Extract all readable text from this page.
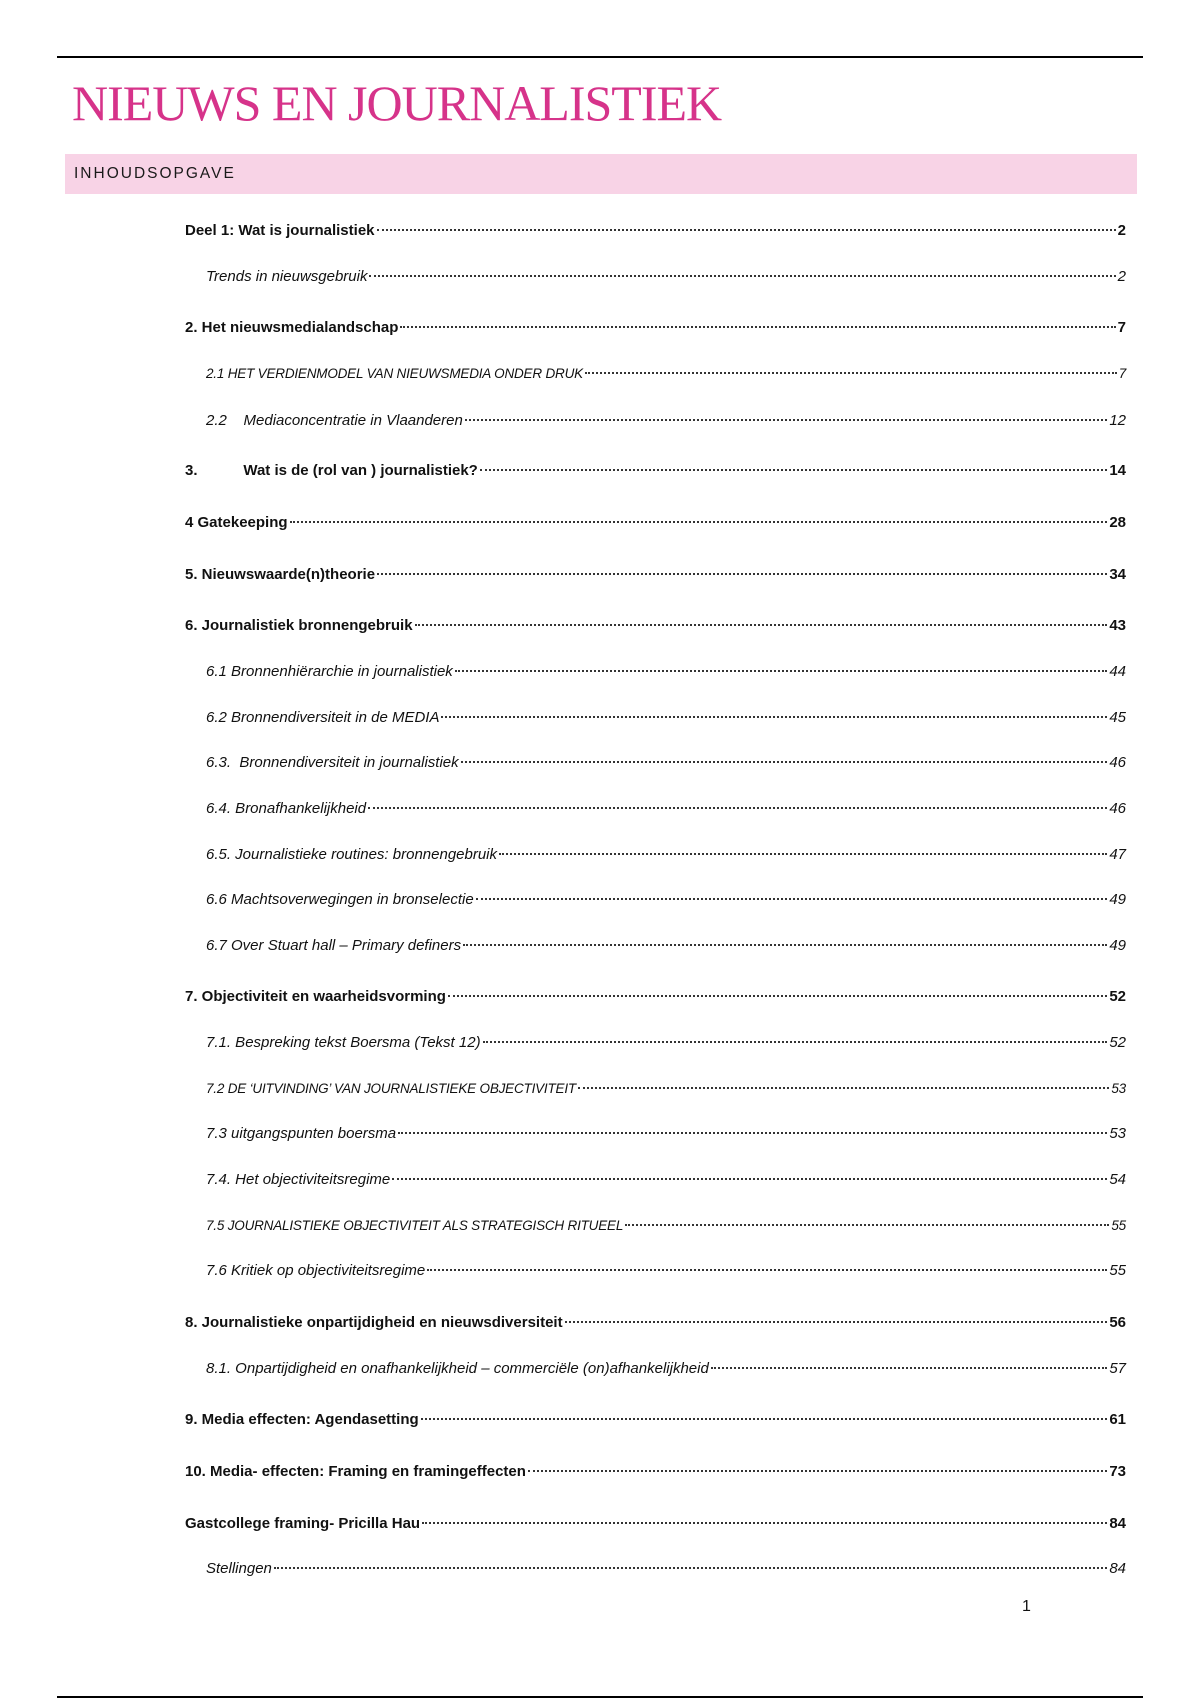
NIEUWS EN JOURNALISTIEK
INHOUDSOPGAVE
Deel 1: Wat is journalistiek	2
Trends in nieuwsgebruik	2
2. Het nieuwsmedialandschap	7
2.1 HET VERDIENMODEL VAN NIEUWSMEDIA ONDER DRUK	7
2.2    Mediaconcentratie in Vlaanderen	12
3.           Wat is de (rol van ) journalistiek?	14
4 Gatekeeping	28
5. Nieuwswaarde(n)theorie	34
6. Journalistiek bronnengebruik	43
6.1 Bronnenhiërarchie in journalistiek	44
6.2 Bronnendiversiteit in de MEDIA	45
6.3.  Bronnendiversiteit in journalistiek	46
6.4. Bronafhankelijkheid	46
6.5. Journalistieke routines: bronnengebruik	47
6.6 Machtsoverwegingen in bronselectie	49
6.7 Over Stuart hall – Primary definers	49
7. Objectiviteit en waarheidsvorming	52
7.1. Bespreking tekst Boersma (Tekst 12)	52
7.2 DE ‘UITVINDING’ VAN JOURNALISTIEKE OBJECTIVITEIT	53
7.3 uitgangspunten boersma	53
7.4. Het objectiviteitsregime	54
7.5 JOURNALISTIEKE OBJECTIVITEIT ALS STRATEGISCH RITUEEL	55
7.6 Kritiek op objectiviteitsregime	55
8. Journalistieke onpartijdigheid en nieuwsdiversiteit	56
8.1. Onpartijdigheid en onafhankelijkheid – commerciële (on)afhankelijkheid	57
9. Media effecten: Agendasetting	61
10. Media- effecten: Framing en framingeffecten	73
Gastcollege framing- Pricilla Hau	84
Stellingen	84
1
